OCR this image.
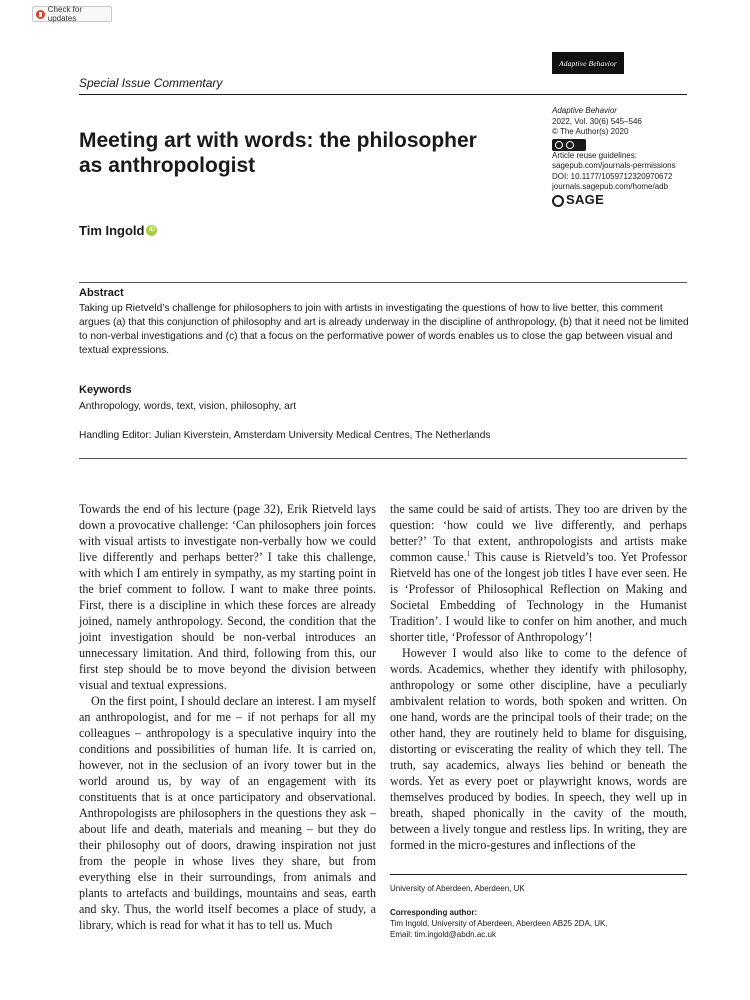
Check for updates
Special Issue Commentary
Adaptive Behavior
Adaptive Behavior
2022, Vol. 30(6) 545–546
© The Author(s) 2020
Article reuse guidelines:
sagepub.com/journals-permissions
DOI: 10.1177/1059712320970672
journals.sagepub.com/home/adb
SAGE
Meeting art with words: the philosopher as anthropologist
Tim Ingold iD
Abstract
Taking up Rietveld’s challenge for philosophers to join with artists in investigating the questions of how to live better, this comment argues (a) that this conjunction of philosophy and art is already underway in the discipline of anthropology, (b) that it need not be limited to non-verbal investigations and (c) that a focus on the performative power of words enables us to close the gap between visual and textual expressions.
Keywords
Anthropology, words, text, vision, philosophy, art
Handling Editor: Julian Kiverstein, Amsterdam University Medical Centres, The Netherlands

Towards the end of his lecture (page 32), Erik Rietveld lays down a provocative challenge: ‘Can philosophers join forces with visual artists to investigate non-verbally how we could live differently and perhaps better?’ I take this challenge, with which I am entirely in sympathy, as my starting point in the brief comment to follow. I want to make three points. First, there is a discipline in which these forces are already joined, namely anthropology. Second, the condition that the joint investigation should be non-verbal introduces an unnecessary limitation. And third, following from this, our first step should be to move beyond the division between visual and textual expressions.

On the first point, I should declare an interest. I am myself an anthropologist, and for me – if not perhaps for all my colleagues – anthropology is a speculative inquiry into the conditions and possibilities of human life. It is carried on, however, not in the seclusion of an ivory tower but in the world around us, by way of an engagement with its constituents that is at once participatory and observational. Anthropologists are philosophers in the questions they ask – about life and death, materials and meaning – but they do their philosophy out of doors, drawing inspiration not just from the people in whose lives they share, but from everything else in their surroundings, from animals and plants to artefacts and buildings, mountains and seas, earth and sky. Thus, the world itself becomes a place of study, a library, which is read for what it has to tell us. Much

the same could be said of artists. They too are driven by the question: ‘how could we live differently, and perhaps better?’ To that extent, anthropologists and artists make common cause.$^1$ This cause is Rietveld’s too. Yet Professor Rietveld has one of the longest job titles I have ever seen. He is ‘Professor of Philosophical Reflection on Making and Societal Embedding of Technology in the Humanist Tradition’. I would like to confer on him another, and much shorter title, ‘Professor of Anthropology’!

However I would also like to come to the defence of words. Academics, whether they identify with philosophy, anthropology or some other discipline, have a peculiarly ambivalent relation to words, both spoken and written. On one hand, words are the principal tools of their trade; on the other hand, they are routinely held to blame for disguising, distorting or eviscerating the reality of which they tell. The truth, say academics, always lies behind or beneath the words. Yet as every poet or playwright knows, words are themselves produced by bodies. In speech, they well up in breath, shaped phonically in the cavity of the mouth, between a lively tongue and restless lips. In writing, they are formed in the micro-gestures and inflections of the

University of Aberdeen, Aberdeen, UK
Corresponding author:
Tim Ingold, University of Aberdeen, Aberdeen AB25 2DA, UK.
Email: tim.ingold@abdn.ac.uk
